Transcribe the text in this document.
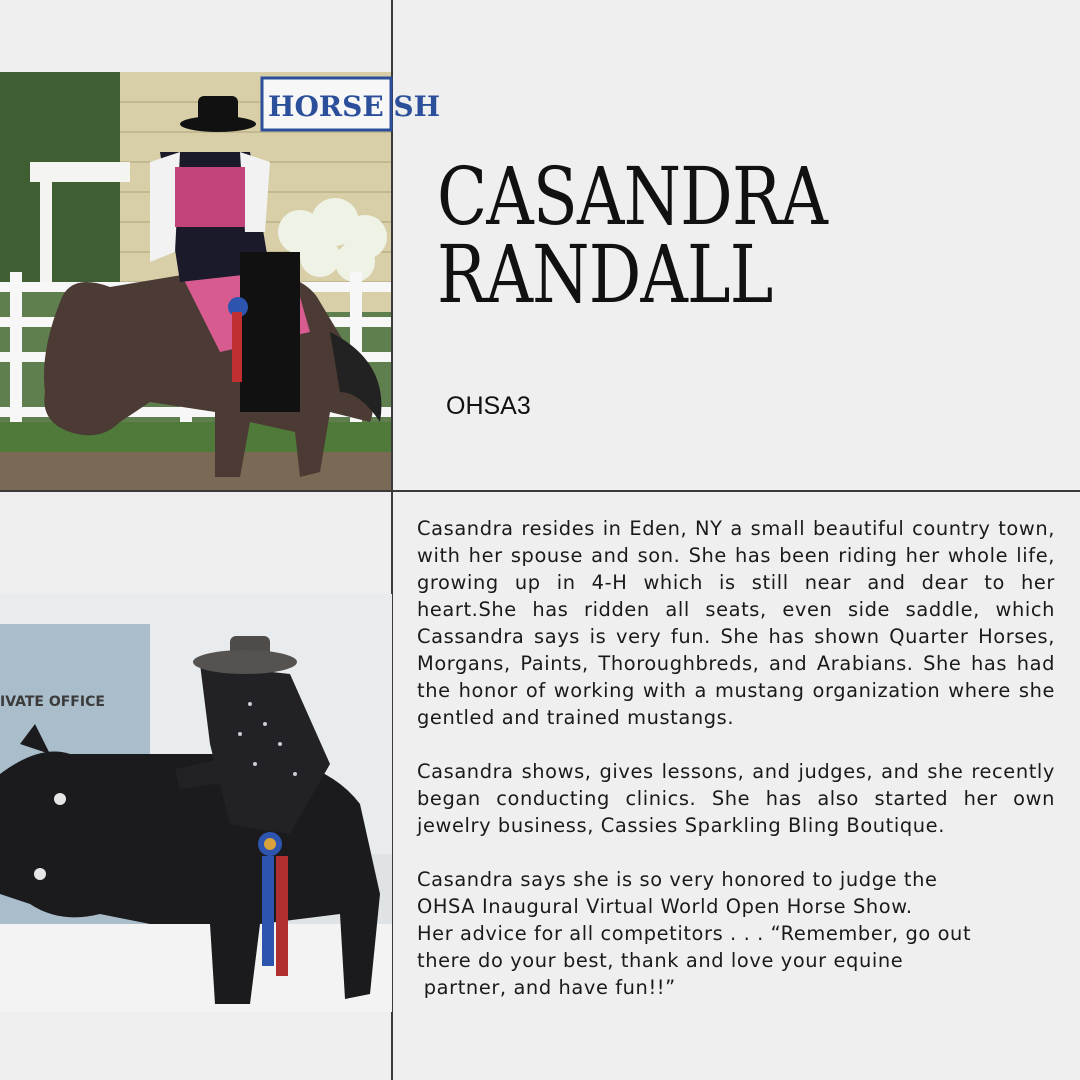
HORSE SH
IVATE OFFICE
CASANDRA
RANDALL
OHSA3

Casandra resides in Eden, NY a small beautiful country town, with her spouse and son. She has been riding her whole life, growing up in 4-H which is still near and dear to her heart.She has ridden all seats, even side saddle, which Cassandra says is very fun. She has shown Quarter Horses, Morgans, Paints, Thoroughbreds, and Arabians. She has had the honor of working with a mustang organization where she gentled and trained mustangs.

Casandra shows, gives lessons, and judges, and she recently began conducting clinics. She has also started her own jewelry business, Cassies Sparkling Bling Boutique.

Casandra says she is so very honored to judge the
OHSA Inaugural Virtual World Open Horse Show.
Her advice for all competitors . . . “Remember, go out
there do your best, thank and love your equine
partner, and have fun!!”
